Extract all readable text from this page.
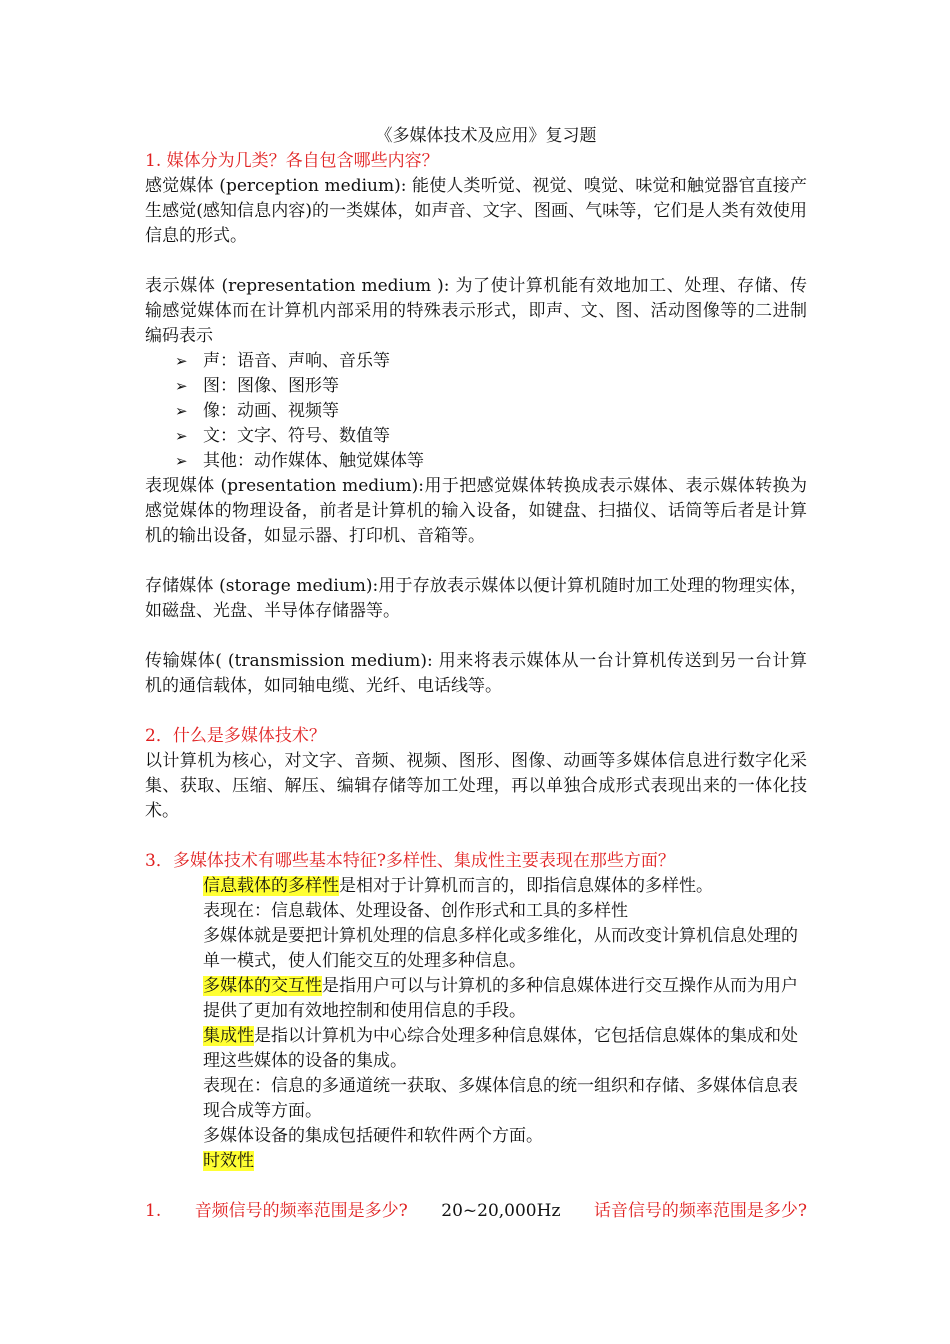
《多媒体技术及应用》复习题

1. 媒体分为几类？各自包含哪些内容？

感觉媒体 (perception medium): 能使人类听觉、视觉、嗅觉、味觉和触觉器官直接产生感觉(感知信息内容)的一类媒体，如声音、文字、图画、气味等，它们是人类有效使用信息的形式。

表示媒体 (representation medium ): 为了使计算机能有效地加工、处理、存储、传输感觉媒体而在计算机内部采用的特殊表示形式，即声、文、图、活动图像等的二进制编码表示

➢ 声：语音、声响、音乐等
➢ 图：图像、图形等
➢ 像：动画、视频等
➢ 文：文字、符号、数值等
➢ 其他：动作媒体、触觉媒体等

表现媒体 (presentation medium):用于把感觉媒体转换成表示媒体、表示媒体转换为感觉媒体的物理设备，前者是计算机的输入设备，如键盘、扫描仪、话筒等后者是计算机的输出设备，如显示器、打印机、音箱等。

存储媒体 (storage medium):用于存放表示媒体以便计算机随时加工处理的物理实体，如磁盘、光盘、半导体存储器等。

传输媒体( (transmission medium): 用来将表示媒体从一台计算机传送到另一台计算机的通信载体，如同轴电缆、光纤、电话线等。

2．什么是多媒体技术？

以计算机为核心，对文字、音频、视频、图形、图像、动画等多媒体信息进行数字化采集、获取、压缩、解压、编辑存储等加工处理，再以单独合成形式表现出来的一体化技术。

3．多媒体技术有哪些基本特征?多样性、集成性主要表现在那些方面？

信息载体的多样性是相对于计算机而言的，即指信息媒体的多样性。
表现在：信息载体、处理设备、创作形式和工具的多样性
多媒体就是要把计算机处理的信息多样化或多维化，从而改变计算机信息处理的单一模式，使人们能交互的处理多种信息。
多媒体的交互性是指用户可以与计算机的多种信息媒体进行交互操作从而为用户提供了更加有效地控制和使用信息的手段。
集成性是指以计算机为中心综合处理多种信息媒体，它包括信息媒体的集成和处理这些媒体的设备的集成。
表现在：信息的多通道统一获取、多媒体信息的统一组织和存储、多媒体信息表现合成等方面。
多媒体设备的集成包括硬件和软件两个方面。
时效性

1. 音频信号的频率范围是多少? 20~20,000Hz 话音信号的频率范围是多少?
